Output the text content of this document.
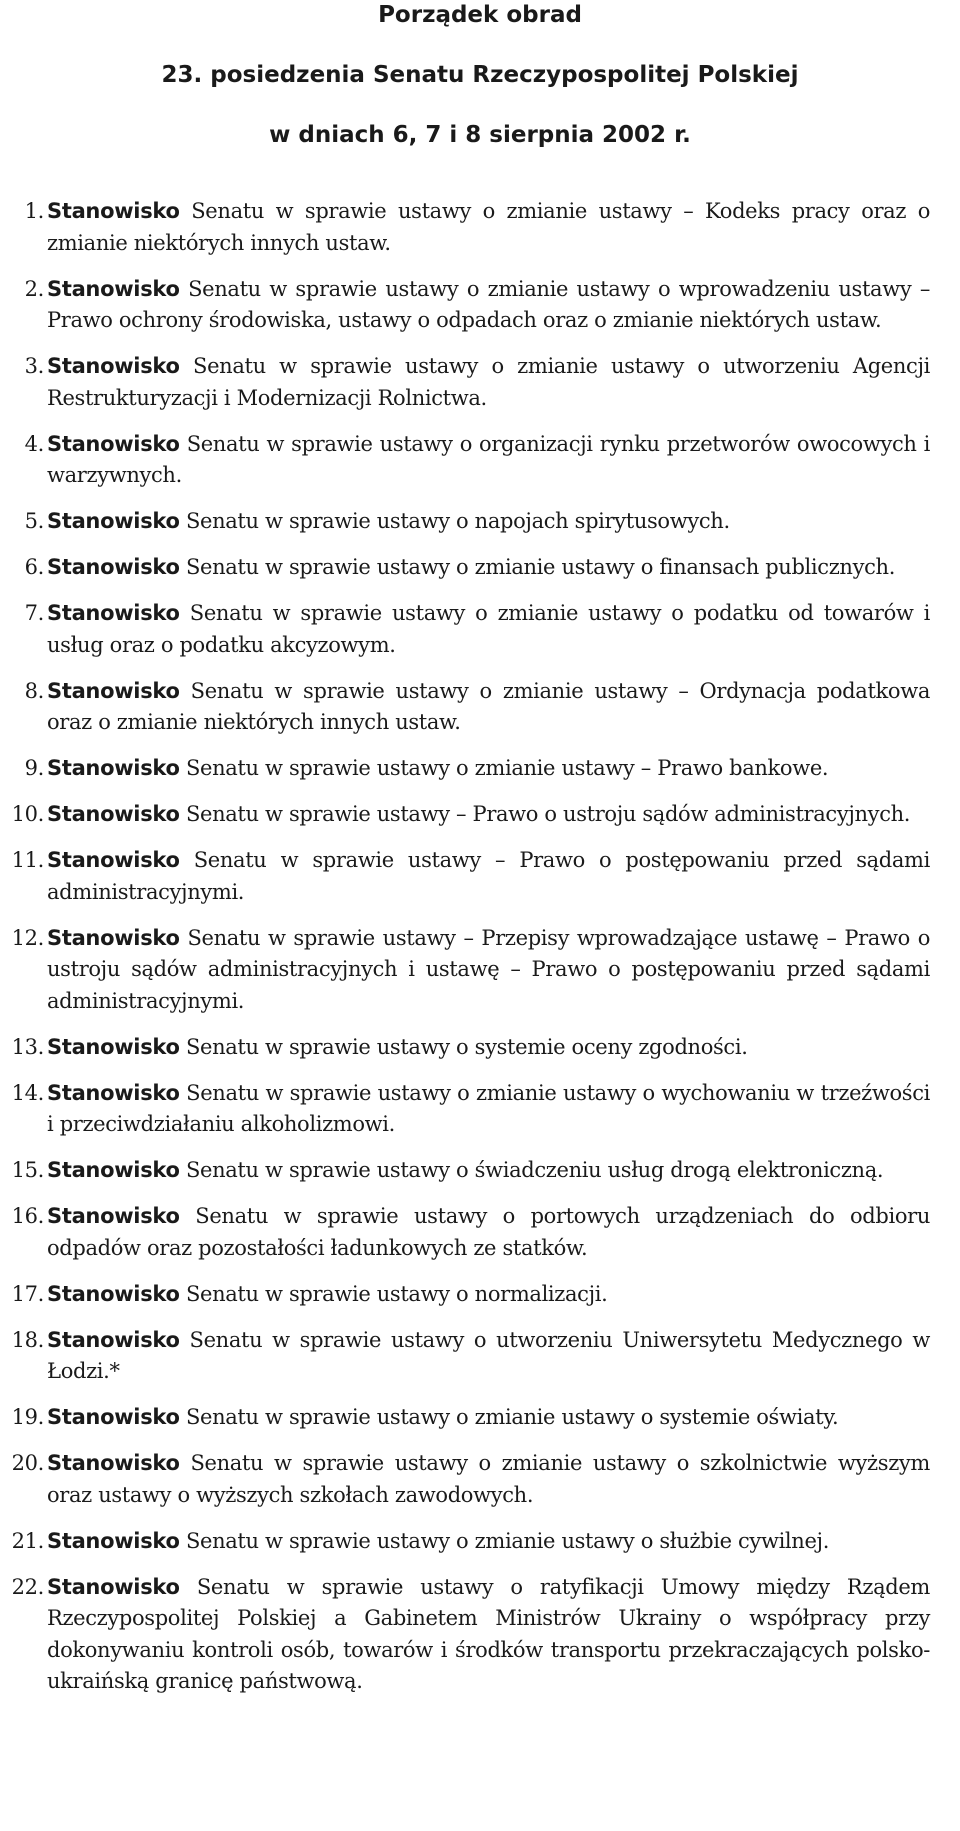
Porządek obrad
23. posiedzenia Senatu Rzeczypospolitej Polskiej
w dniach 6, 7 i 8 sierpnia 2002 r.
1. Stanowisko Senatu w sprawie ustawy o zmianie ustawy – Kodeks pracy oraz o zmianie niektórych innych ustaw.
2. Stanowisko Senatu w sprawie ustawy o zmianie ustawy o wprowadzeniu ustawy – Prawo ochrony środowiska, ustawy o odpadach oraz o zmianie niektórych ustaw.
3. Stanowisko Senatu w sprawie ustawy o zmianie ustawy o utworzeniu Agencji Restrukturyzacji i Modernizacji Rolnictwa.
4. Stanowisko Senatu w sprawie ustawy o organizacji rynku przetworów owocowych i warzywnych.
5. Stanowisko Senatu w sprawie ustawy o napojach spirytusowych.
6. Stanowisko Senatu w sprawie ustawy o zmianie ustawy o finansach publicznych.
7. Stanowisko Senatu w sprawie ustawy o zmianie ustawy o podatku od towarów i usług oraz o podatku akcyzowym.
8. Stanowisko Senatu w sprawie ustawy o zmianie ustawy – Ordynacja podatkowa oraz o zmianie niektórych innych ustaw.
9. Stanowisko Senatu w sprawie ustawy o zmianie ustawy – Prawo bankowe.
10. Stanowisko Senatu w sprawie ustawy – Prawo o ustroju sądów administracyjnych.
11. Stanowisko Senatu w sprawie ustawy – Prawo o postępowaniu przed sądami administracyjnymi.
12. Stanowisko Senatu w sprawie ustawy – Przepisy wprowadzające ustawę – Prawo o ustroju sądów administracyjnych i ustawę – Prawo o postępowaniu przed sądami administracyjnymi.
13. Stanowisko Senatu w sprawie ustawy o systemie oceny zgodności.
14. Stanowisko Senatu w sprawie ustawy o zmianie ustawy o wychowaniu w trzeźwości i przeciwdziałaniu alkoholizmowi.
15. Stanowisko Senatu w sprawie ustawy o świadczeniu usług drogą elektroniczną.
16. Stanowisko Senatu w sprawie ustawy o portowych urządzeniach do odbioru odpadów oraz pozostałości ładunkowych ze statków.
17. Stanowisko Senatu w sprawie ustawy o normalizacji.
18. Stanowisko Senatu w sprawie ustawy o utworzeniu Uniwersytetu Medycznego w Łodzi.*
19. Stanowisko Senatu w sprawie ustawy o zmianie ustawy o systemie oświaty.
20. Stanowisko Senatu w sprawie ustawy o zmianie ustawy o szkolnictwie wyższym oraz ustawy o wyższych szkołach zawodowych.
21. Stanowisko Senatu w sprawie ustawy o zmianie ustawy o służbie cywilnej.
22. Stanowisko Senatu w sprawie ustawy o ratyfikacji Umowy między Rządem Rzeczypospolitej Polskiej a Gabinetem Ministrów Ukrainy o współpracy przy dokonywaniu kontroli osób, towarów i środków transportu przekraczających polsko-ukraińską granicę państwową.
